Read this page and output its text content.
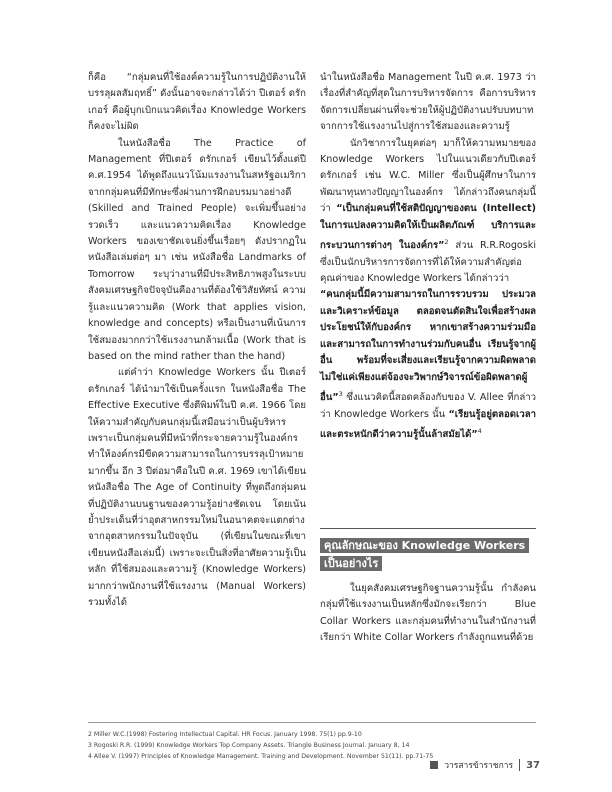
ก็คือ “กลุ่มคนที่ใช้องค์ความรู้ในการปฏิบัติงานให้บรรลุผลสัมฤทธิ์” ดังนั้นอาจจะกล่าวได้ว่า ปีเตอร์ ดรักเกอร์ คือผู้บุกเบิกแนวคิดเรื่อง Knowledge Workers ก็คงจะไม่ผิด

ในหนังสือชื่อ The Practice of Management ที่ปีเตอร์ ดรักเกอร์ เขียนไว้ตั้งแต่ปี ค.ศ.1954 ได้พูดถึงแนวโน้มแรงงานในสหรัฐอเมริกาจากกลุ่มคนที่มีทักษะซึ่งผ่านการฝึกอบรมมาอย่างดี (Skilled and Trained People) จะเพิ่มขึ้นอย่างรวดเร็ว และแนวความคิดเรื่อง Knowledge Workers ของเขาชัดเจนยิ่งขึ้นเรื่อยๆ ดังปรากฏในหนังสือเล่มต่อๆ มา เช่น หนังสือชื่อ Landmarks of Tomorrow ระบุว่างานที่มีประสิทธิภาพสูงในระบบสังคมเศรษฐกิจปัจจุบันคืองานที่ต้องใช้วิสัยทัศน์ ความรู้และแนวความคิด (Work that applies vision, knowledge and concepts) หรือเป็นงานที่เน้นการใช้สมองมากกว่าใช้แรงงานกล้ามเนื้อ (Work that is based on the mind rather than the hand)

แต่คำว่า Knowledge Workers นั้น ปีเตอร์ ดรักเกอร์ ได้นำมาใช้เป็นครั้งแรก ในหนังสือชื่อ The Effective Executive ซึ่งตีพิมพ์ในปี ค.ศ. 1966 โดยให้ความสำคัญกับคนกลุ่มนี้เสมือนว่าเป็นผู้บริหาร เพราะเป็นกลุ่มคนที่มีหน้าที่กระจายความรู้ในองค์กรทำให้องค์กรมีขีดความสามารถในการบรรลุเป้าหมายมากขึ้น อีก 3 ปีต่อมาคือในปี ค.ศ. 1969 เขาได้เขียนหนังสือชื่อ The Age of Continuity ที่พูดถึงกลุ่มคนที่ปฏิบัติงานบนฐานของความรู้อย่างชัดเจน โดยเน้นย้ำประเด็นที่ว่าอุตสาหกรรมใหม่ในอนาคตจะแตกต่างจากอุตสาหกรรมในปัจจุบัน (ที่เขียนในขณะที่เขาเขียนหนังสือเล่มนี้) เพราะจะเป็นสิ่งที่อาศัยความรู้เป็นหลัก ที่ใช้สมองและความรู้ (Knowledge Workers) มากกว่าพนักงานที่ใช้แรงงาน (Manual Workers) รวมทั้งได้

นำในหนังสือชื่อ Management ในปี ค.ศ. 1973 ว่า เรื่องที่สำคัญที่สุดในการบริหารจัดการ คือการบริหารจัดการเปลี่ยนผ่านที่จะช่วยให้ผู้ปฏิบัติงานปรับบทบาทจากการใช้แรงงานไปสู่การใช้สมองและความรู้

นักวิชาการในยุคต่อๆ มาก็ให้ความหมายของ Knowledge Workers ไปในแนวเดียวกับปีเตอร์ ดรักเกอร์ เช่น W.C. Miller ซึ่งเป็นผู้ศึกษาในการพัฒนาทุนทางปัญญาในองค์กร ได้กล่าวถึงคนกลุ่มนี้ว่า “เป็นกลุ่มคนที่ใช้สติปัญญาของตน (Intellect) ในการแปลงความคิดให้เป็นผลิตภัณฑ์ บริการและกระบวนการต่างๆ ในองค์กร”$^2$ ส่วน R.R.Rogoski ซึ่งเป็นนักบริหารการจัดการที่ได้ให้ความสำคัญต่อคุณค่าของ Knowledge Workers ได้กล่าวว่า

“คนกลุ่มนี้มีความสามารถในการรวบรวม ประมวล และวิเคราะห์ข้อมูล ตลอดจนตัดสินใจเพื่อสร้างผลประโยชน์ให้กับองค์กร หากเขาสร้างความร่วมมือ และสามารถในการทำงานร่วมกับคนอื่น เรียนรู้จากผู้อื่น พร้อมที่จะเสี่ยงและเรียนรู้จากความผิดพลาด ไม่ใช่แค่เพียงแต่จ้องจะวิพากษ์วิจารณ์ข้อผิดพลาดผู้อื่น”$^3$ ซึ่งแนวคิดนี้สอดคล้องกับของ V. Allee ที่กล่าวว่า Knowledge Workers นั้น “เรียนรู้อยู่ตลอดเวลาและตระหนักดีว่าความรู้นั้นล้าสมัยได้”$^4$

คุณลักษณะของ Knowledge Workers
เป็นอย่างไร

ในยุคสังคมเศรษฐกิจฐานความรู้นั้น กำลังคนกลุ่มที่ใช้แรงงานเป็นหลักซึ่งมักจะเรียกว่า Blue Collar Workers และกลุ่มคนที่ทำงานในสำนักงานที่เรียกว่า White Collar Workers กำลังถูกแทนที่ด้วย

2 Miller W.C.(1998) Fostering Intellectual Capital. HR Focus. January 1998. 75(1) pp.9-10
3 Rogoski R.R. (1999) Knowledge Workers Top Company Assets. Triangle Business Journal. January 8, 14
4 Allee V. (1997) Principles of Knowledge Management. Training and Development. November 51(11). pp.71-75
วารสารข้าราชการ 37
